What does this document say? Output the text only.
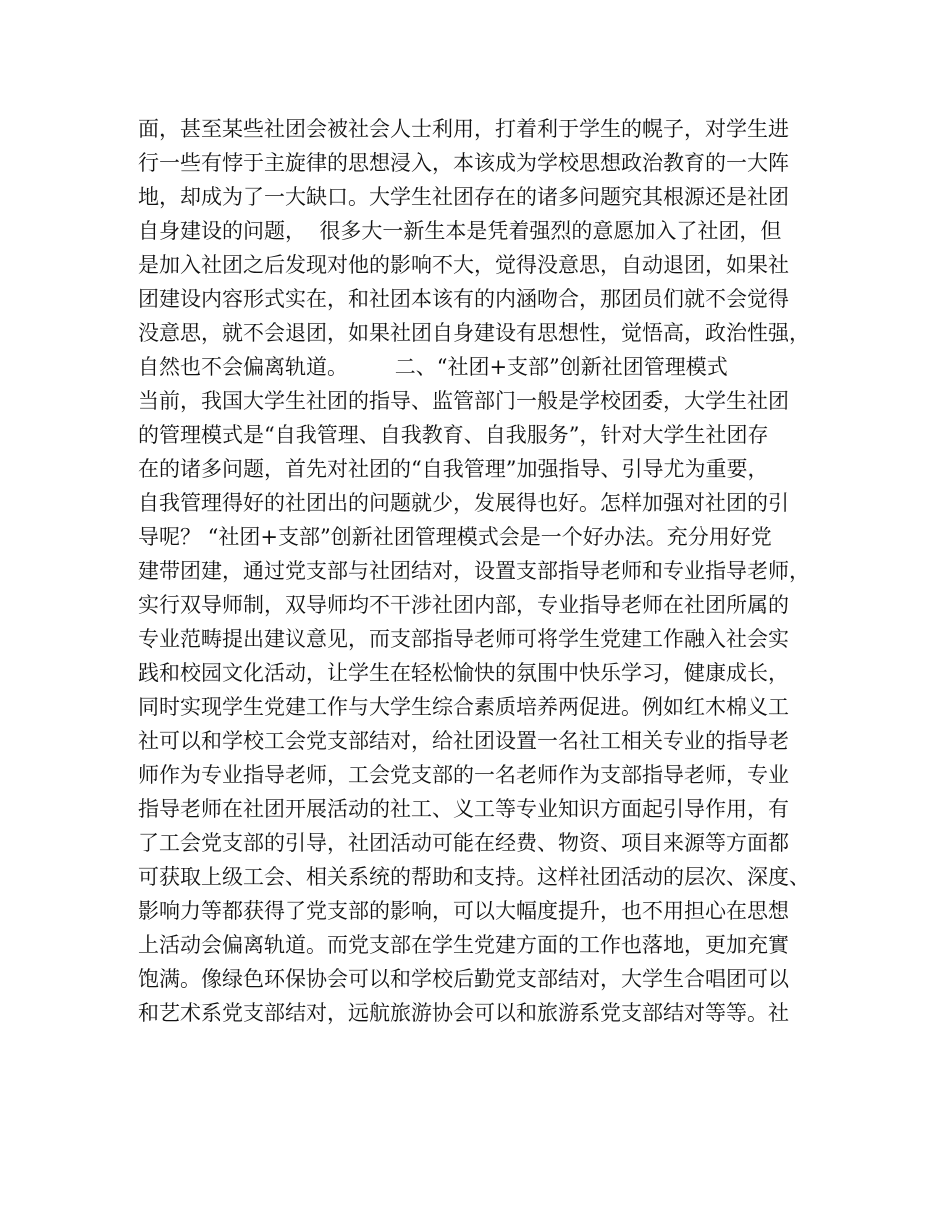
面，甚至某些社团会被社会人士利用，打着利于学生的幌子，对学生进
行一些有悖于主旋律的思想浸入，本该成为学校思想政治教育的一大阵
地，却成为了一大缺口。大学生社团存在的诸多问题究其根源还是社团
自身建设的问题，  很多大一新生本是凭着强烈的意愿加入了社团，但
是加入社团之后发现对他的影响不大，觉得没意思，自动退团，如果社
团建设内容形式实在，和社团本该有的内涵吻合，那团员们就不会觉得
没意思，就不会退团，如果社团自身建设有思想性，觉悟高，政治性强，
自然也不会偏离轨道。       二、“社团+支部”创新社团管理模式
当前，我国大学生社团的指导、监管部门一般是学校团委，大学生社团
的管理模式是“自我管理、自我教育、自我服务”，针对大学生社团存
在的诸多问题，首先对社团的“自我管理”加强指导、引导尤为重要，
自我管理得好的社团出的问题就少，发展得也好。怎样加强对社团的引
导呢？ “社团+支部”创新社团管理模式会是一个好办法。充分用好党
建带团建，通过党支部与社团结对，设置支部指导老师和专业指导老师，
实行双导师制，双导师均不干涉社团内部，专业指导老师在社团所属的
专业范畴提出建议意见，而支部指导老师可将学生党建工作融入社会实
践和校园文化活动，让学生在轻松愉快的氛围中快乐学习，健康成长，
同时实现学生党建工作与大学生综合素质培养两促进。例如红木棉义工
社可以和学校工会党支部结对，给社团设置一名社工相关专业的指导老
师作为专业指导老师，工会党支部的一名老师作为支部指导老师，专业
指导老师在社团开展活动的社工、义工等专业知识方面起引导作用，有
了工会党支部的引导，社团活动可能在经费、物资、项目来源等方面都
可获取上级工会、相关系统的帮助和支持。这样社团活动的层次、深度、
影响力等都获得了党支部的影响，可以大幅度提升，也不用担心在思想
上活动会偏离轨道。而党支部在学生党建方面的工作也落地，更加充實
饱满。像绿色环保协会可以和学校后勤党支部结对，大学生合唱团可以
和艺术系党支部结对，远航旅游协会可以和旅游系党支部结对等等。社
